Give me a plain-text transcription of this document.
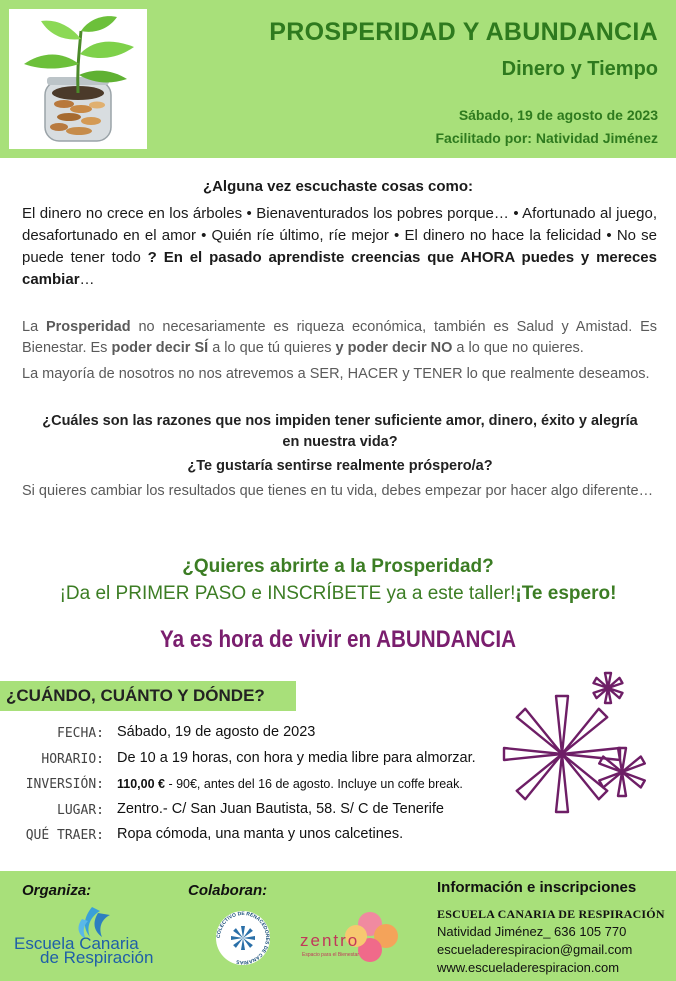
PROSPERIDAD Y ABUNDANCIA
Dinero y Tiempo
Sábado, 19 de agosto de 2023
Facilitado por: Natividad Jiménez
¿Alguna vez escuchaste cosas como:
El dinero no crece en los árboles • Bienaventurados los pobres porque… • Afortunado al juego, desafortunado en el amor • Quién ríe último, ríe mejor • El dinero no hace la felicidad • No se puede tener todo ? En el pasado aprendiste creencias que AHORA puedes y mereces cambiar…
La Prosperidad no necesariamente es riqueza económica, también es Salud y Amistad. Es Bienestar. Es poder decir SÍ a lo que tú quieres y poder decir NO a lo que no quieres.
La mayoría de nosotros no nos atrevemos a SER, HACER y TENER lo que realmente deseamos.
¿Cuáles son las razones que nos impiden tener suficiente amor, dinero, éxito y alegría en nuestra vida?
¿Te gustaría sentirse realmente próspero/a?
Si quieres cambiar los resultados que tienes en tu vida, debes empezar por hacer algo diferente…
¿Quieres abrirte a la Prosperidad?
¡Da el PRIMER PASO e INSCRÍBETE ya a este taller!¡Te espero!
Ya es hora de vivir en ABUNDANCIA
¿CUÁNDO, CUÁNTO Y DÓNDE?
FECHA: Sábado, 19 de agosto de 2023
HORARIO: De 10 a 19 horas, con hora y media libre para almorzar.
INVERSIÓN: 110,00 € - 90€, antes del 16 de agosto. Incluye un coffe break.
LUGAR: Zentro.- C/ San Juan Bautista, 58. S/ C de Tenerife
QUÉ TRAER: Ropa cómoda, una manta y unos calcetines.
Organiza:	Colaboran:
Escuela Canaria
de Respiración
COLECTIVO DE RENACEDORES DE CANARIAS
zentro
Espacio para el Bienestar
Información e inscripciones
ESCUELA CANARIA DE RESPIRACIÓN
Natividad Jiménez_ 636 105 770
escueladerespiracion@gmail.com
www.escueladerespiracion.com
